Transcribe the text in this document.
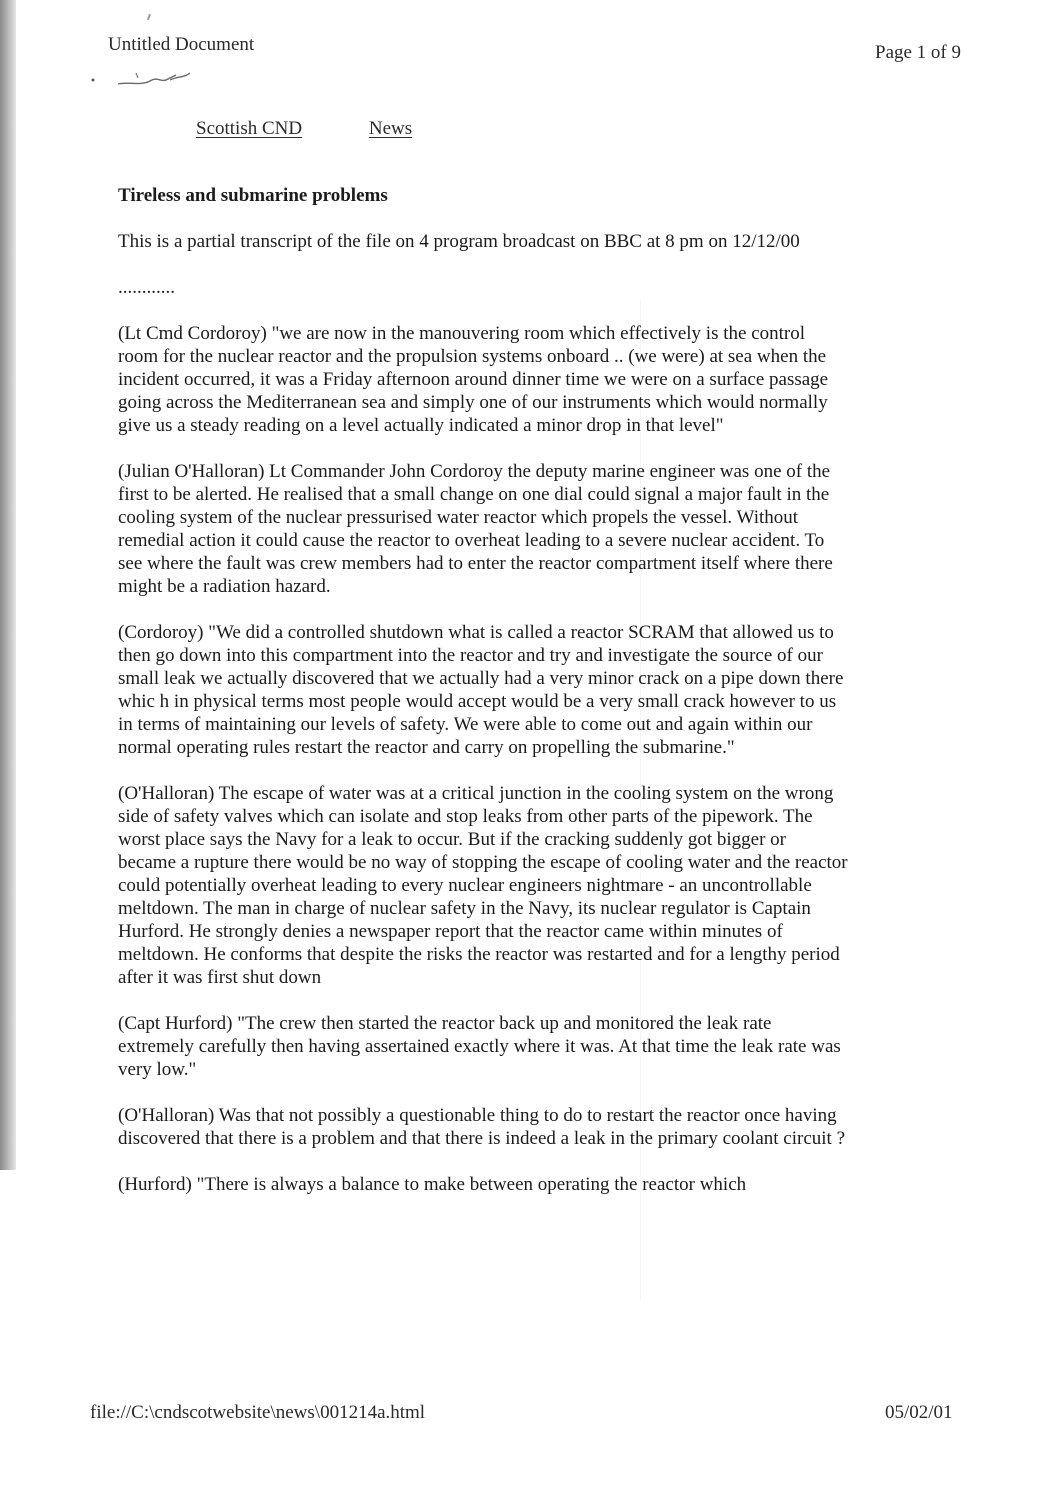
Untitled Document	Page 1 of 9
Scottish CND	News
Tireless and submarine problems

This is a partial transcript of the file on 4 program broadcast on BBC at 8 pm on 12/12/00

............

(Lt Cmd Cordoroy) "we are now in the manouvering room which effectively is the control room for the nuclear reactor and the propulsion systems onboard .. (we were) at sea when the incident occurred, it was a Friday afternoon around dinner time we were on a surface passage going across the Mediterranean sea and simply one of our instruments which would normally give us a steady reading on a level actually indicated a minor drop in that level"

(Julian O'Halloran) Lt Commander John Cordoroy the deputy marine engineer was one of the first to be alerted. He realised that a small change on one dial could signal a major fault in the cooling system of the nuclear pressurised water reactor which propels the vessel. Without remedial action it could cause the reactor to overheat leading to a severe nuclear accident. To see where the fault was crew members had to enter the reactor compartment itself where there might be a radiation hazard.

(Cordoroy) "We did a controlled shutdown what is called a reactor SCRAM that allowed us to then go down into this compartment into the reactor and try and investigate the source of our small leak we actually discovered that we actually had a very minor crack on a pipe down there whic h in physical terms most people would accept would be a very small crack however to us in terms of maintaining our levels of safety. We were able to come out and again within our normal operating rules restart the reactor and carry on propelling the submarine."

(O'Halloran) The escape of water was at a critical junction in the cooling system on the wrong side of safety valves which can isolate and stop leaks from other parts of the pipework. The worst place says the Navy for a leak to occur. But if the cracking suddenly got bigger or became a rupture there would be no way of stopping the escape of cooling water and the reactor could potentially overheat leading to every nuclear engineers nightmare - an uncontrollable meltdown. The man in charge of nuclear safety in the Navy, its nuclear regulator is Captain Hurford. He strongly denies a newspaper report that the reactor came within minutes of meltdown. He conforms that despite the risks the reactor was restarted and for a lengthy period after it was first shut down

(Capt Hurford) "The crew then started the reactor back up and monitored the leak rate extremely carefully then having assertained exactly where it was. At that time the leak rate was very low."

(O'Halloran) Was that not possibly a questionable thing to do to restart the reactor once having discovered that there is a problem and that there is indeed a leak in the primary coolant circuit ?

(Hurford) "There is always a balance to make between operating the reactor which

file://C:\cndscotwebsite\news\001214a.html	05/02/01
